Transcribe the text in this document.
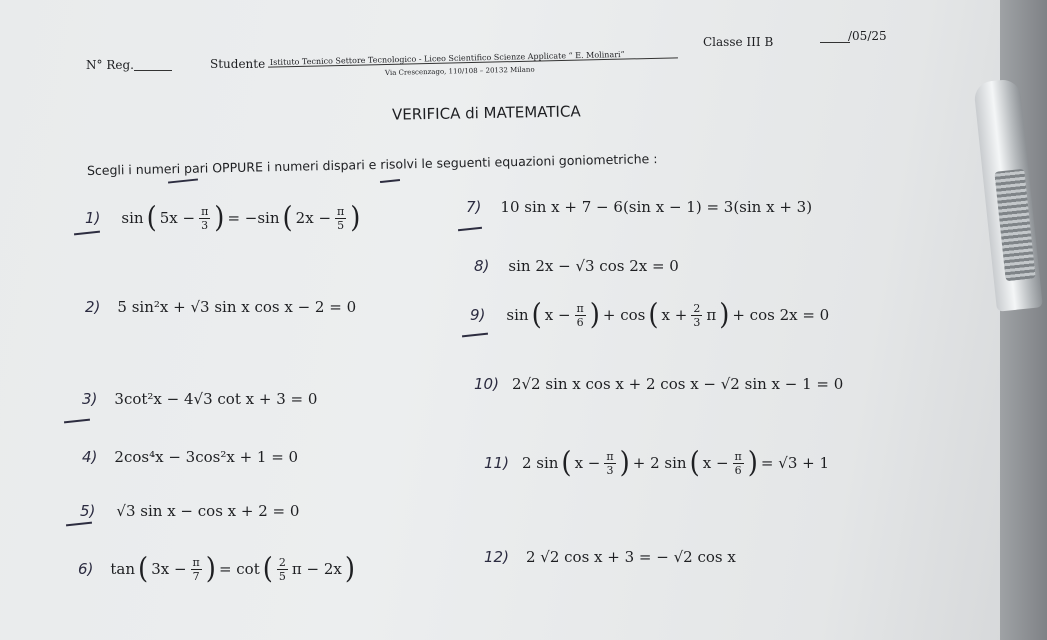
N° Reg.	Studente Istituto Tecnico Settore Tecnologico - Liceo Scientifico Scienze Applicate “ E. Molinari”
Via Crescenzago, 110/108 – 20132 Milano
Classe III B	/05/25
VERIFICA di MATEMATICA
Scegli i numeri pari OPPURE i numeri dispari e risolvi le seguenti equazioni goniometriche :
1) sin ( $5x - \frac{\pi}{3}$ ) = −sin ( $2x - \frac{\pi}{5}$ )
2) 5 sin²x + √3 sin x cos x − 2 = 0
3) 3cot²x − 4√3 cot x + 3 = 0
4) 2cos⁴x − 3cos²x + 1 = 0
5) √3 sin x − cos x + 2 = 0
6) tan ( $3x - \frac{\pi}{7}$ ) = cot ( $\frac{2}{5}$ π − 2x )
7) 10 sin x + 7 − 6(sin x − 1) = 3(sin x + 3)
8) sin 2x − √3 cos 2x = 0
9) sin ( $x - \frac{\pi}{6}$ ) + cos ( $x + \frac{2}{3}$ π ) + cos 2x = 0
10) 2√2 sin x cos x + 2 cos x − √2 sin x − 1 = 0
11) 2 sin ( $x - \frac{\pi}{3}$ ) + 2 sin ( $x - \frac{\pi}{6}$ ) = √3 + 1
12) 2 √2 cos x + 3 = − √2 cos x
